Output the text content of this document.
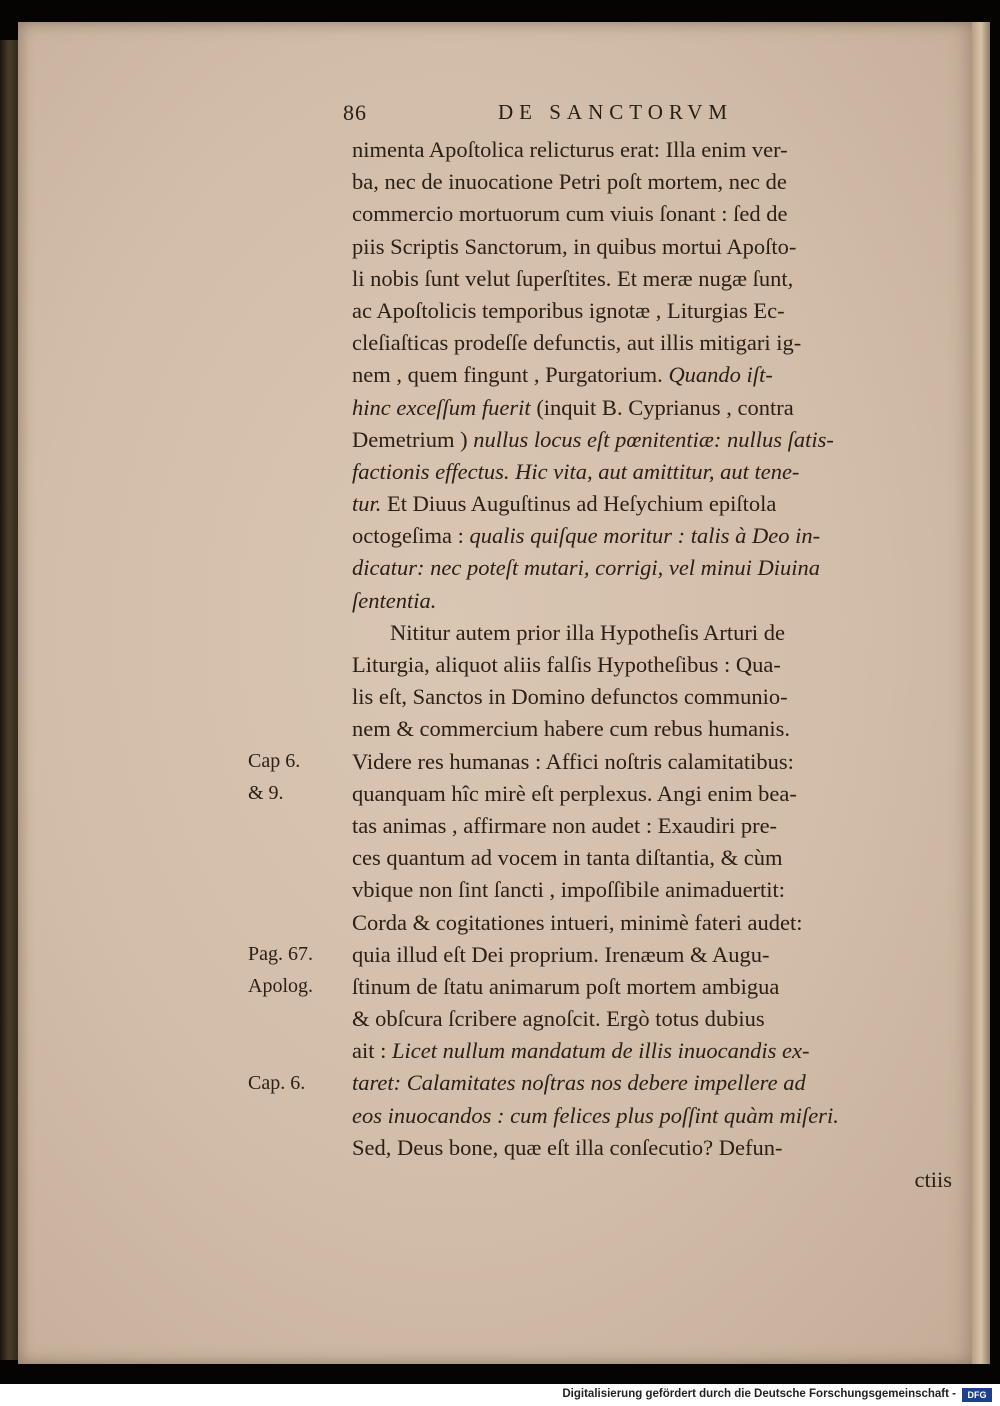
86	DE SANCTORVM
nimenta Apoſtolica relicturus erat: Illa enim ver-
ba, nec de inuocatione Petri poſt mortem, nec de
commercio mortuorum cum viuis ſonant : ſed de
piis Scriptis Sanctorum, in quibus mortui Apoſto-
li nobis ſunt velut ſuperſtites. Et meræ nugæ ſunt,
ac Apoſtolicis temporibus ignotæ , Liturgias Ec-
cleſiaſticas prodeſſe defunctis, aut illis mitigari ig-
nem , quem fingunt , Purgatorium. Quando iſt-
hinc exceſſum fuerit (inquit B. Cyprianus , contra
Demetrium ) nullus locus eſt pœnitentiæ: nullus ſatis-
factionis effectus. Hic vita, aut amittitur, aut tene-
tur. Et Diuus Auguſtinus ad Heſychium epiſtola
octogeſima : qualis quiſque moritur : talis à Deo in-
dicatur: nec poteſt mutari, corrigi, vel minui Diuina
ſententia.
Nititur autem prior illa Hypotheſis Arturi de
Liturgia, aliquot aliis falſis Hypotheſibus : Qua-
lis eſt, Sanctos in Domino defunctos communio-
nem & commercium habere cum rebus humanis.
Videre res humanas : Affici noſtris calamitatibus:
quanquam hîc mirè eſt perplexus. Angi enim bea-
tas animas , affirmare non audet : Exaudiri pre-
ces quantum ad vocem in tanta diſtantia, & cùm
vbique non ſint ſancti , impoſſibile animaduertit:
Corda & cogitationes intueri, minimè fateri audet:
quia illud eſt Dei proprium. Irenæum & Augu-
ſtinum de ſtatu animarum poſt mortem ambigua
& obſcura ſcribere agnoſcit. Ergò totus dubius
ait : Licet nullum mandatum de illis inuocandis ex-
taret: Calamitates noſtras nos debere impellere ad
eos inuocandos : cum felices plus poſſint quàm miſeri.
Sed, Deus bone, quæ eſt illa conſecutio? Defun-
ctiis
Cap 6.
& 9.
Pag. 67.
Apolog.
Cap. 6.
Digitalisierung gefördert durch die Deutsche Forschungsgemeinschaft -	DFG
